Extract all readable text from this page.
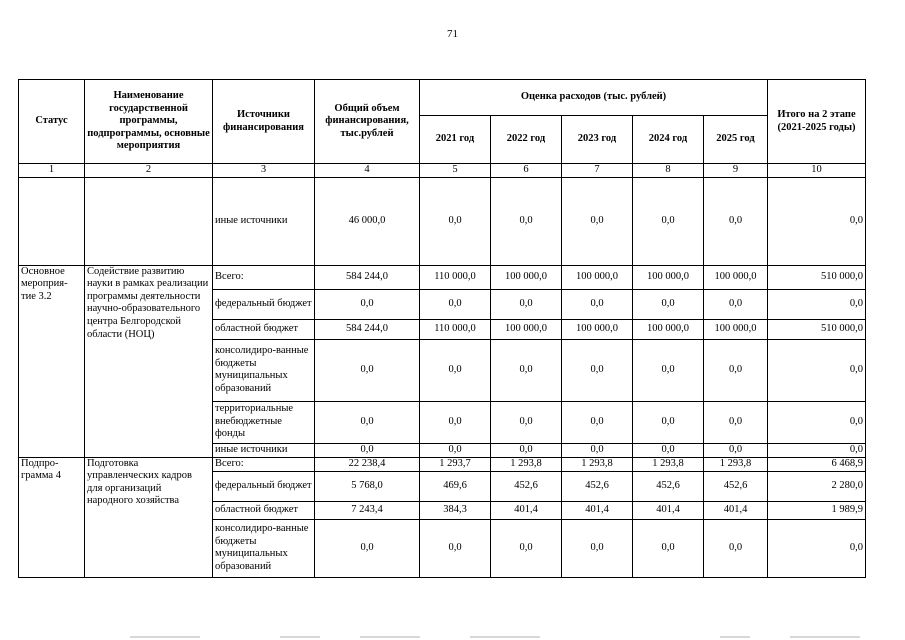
71
Статус	Наименование государственной программы, подпрограммы, основные мероприятия	Источники финансирования	Общий объем финансирования, тыс.рублей	Оценка расходов (тыс. рублей)					Итого на 2 этапе (2021-2025 годы)
				2021 год	2022 год	2023 год	2024 год	2025 год	
1	2	3	4	5	6	7	8	9	10
		иные источники	46 000,0	0,0	0,0	0,0	0,0	0,0	0,0
Основное мероприя-тие 3.2	Содействие развитию науки в рамках реализации программы деятельности научно-образовательного центра Белгородской области (НОЦ)	Всего:	584 244,0	110 000,0	100 000,0	100 000,0	100 000,0	100 000,0	510 000,0
		федеральный бюджет	0,0	0,0	0,0	0,0	0,0	0,0	0,0
		областной бюджет	584 244,0	110 000,0	100 000,0	100 000,0	100 000,0	100 000,0	510 000,0
		консолидиро-ванные бюджеты муниципальных образований	0,0	0,0	0,0	0,0	0,0	0,0	0,0
		территориальные внебюджетные фонды	0,0	0,0	0,0	0,0	0,0	0,0	0,0
		иные источники	0,0	0,0	0,0	0,0	0,0	0,0	0,0
Подпро-грамма 4	Подготовка управленческих кадров для организаций народного хозяйства	Всего:	22 238,4	1 293,7	1 293,8	1 293,8	1 293,8	1 293,8	6 468,9
		федеральный бюджет	5 768,0	469,6	452,6	452,6	452,6	452,6	2 280,0
		областной бюджет	7 243,4	384,3	401,4	401,4	401,4	401,4	1 989,9
		консолидиро-ванные бюджеты муниципальных образований	0,0	0,0	0,0	0,0	0,0	0,0	0,0
